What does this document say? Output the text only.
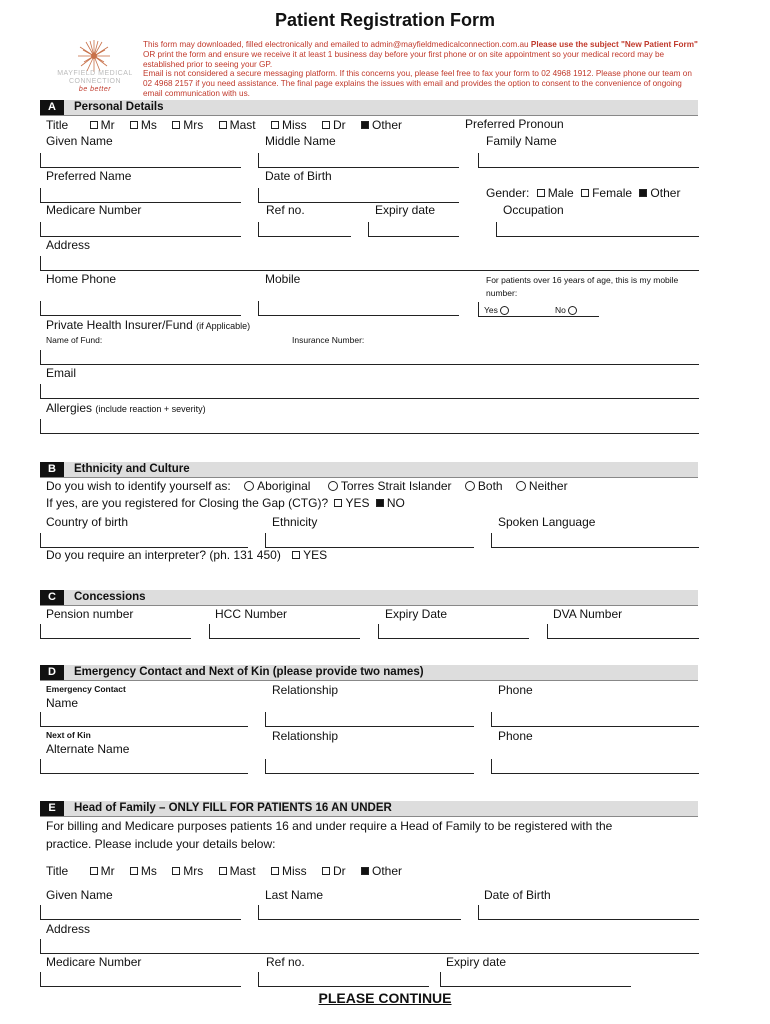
Patient Registration Form
MAYFIELD MEDICAL
CONNECTION
be better
This form may downloaded, filled electronically and emailed to admin@mayfieldmedicalconnection.com.au Please use the subject "New Patient Form" OR print the form and ensure we receive it at least 1 business day before your first phone or on site appointment so your medical record may be established prior to seeing your GP.
Email is not considered a secure messaging platform. If this concerns you, please feel free to fax your form to 02 4968 1912. Please phone our team on 02 4968 2157 if you need assistance. The final page explains the issues with email and provides the option to consent to the convenience of ongoing email communication with us.
A	Personal Details
Title	Mr Ms Mrs Mast Miss Dr Other	Preferred Pronoun
Given Name	Middle Name	Family Name
Preferred Name	Date of Birth
Gender: Male Female Other
Medicare Number	Ref no.	Expiry date	Occupation
Address
Home Phone	Mobile	For patients over 16 years of age, this is my mobile number:
Yes	No
Private Health Insurer/Fund (if Applicable)
Name of Fund:	Insurance Number:
Email
Allergies (include reaction + severity)
B	Ethnicity and Culture
Do you wish to identify yourself as: Aboriginal	Torres Strait Islander Both Neither
If yes, are you registered for Closing the Gap (CTG)? YES NO
Country of birth	Ethnicity	Spoken Language
Do you require an interpreter? (ph. 131 450) YES
C	Concessions
Pension number	HCC Number	Expiry Date	DVA Number
D	Emergency Contact and Next of Kin (please provide two names)
Emergency Contact
Name
Relationship	Phone
Next of Kin
Alternate Name
Relationship	Phone
E	Head of Family – ONLY FILL FOR PATIENTS 16 AN UNDER
For billing and Medicare purposes patients 16 and under require a Head of Family to be registered with the
practice. Please include your details below:
Title	Mr Ms Mrs Mast Miss Dr Other
Given Name	Last Name	Date of Birth
Address
Medicare Number	Ref no.	Expiry date
PLEASE CONTINUE
